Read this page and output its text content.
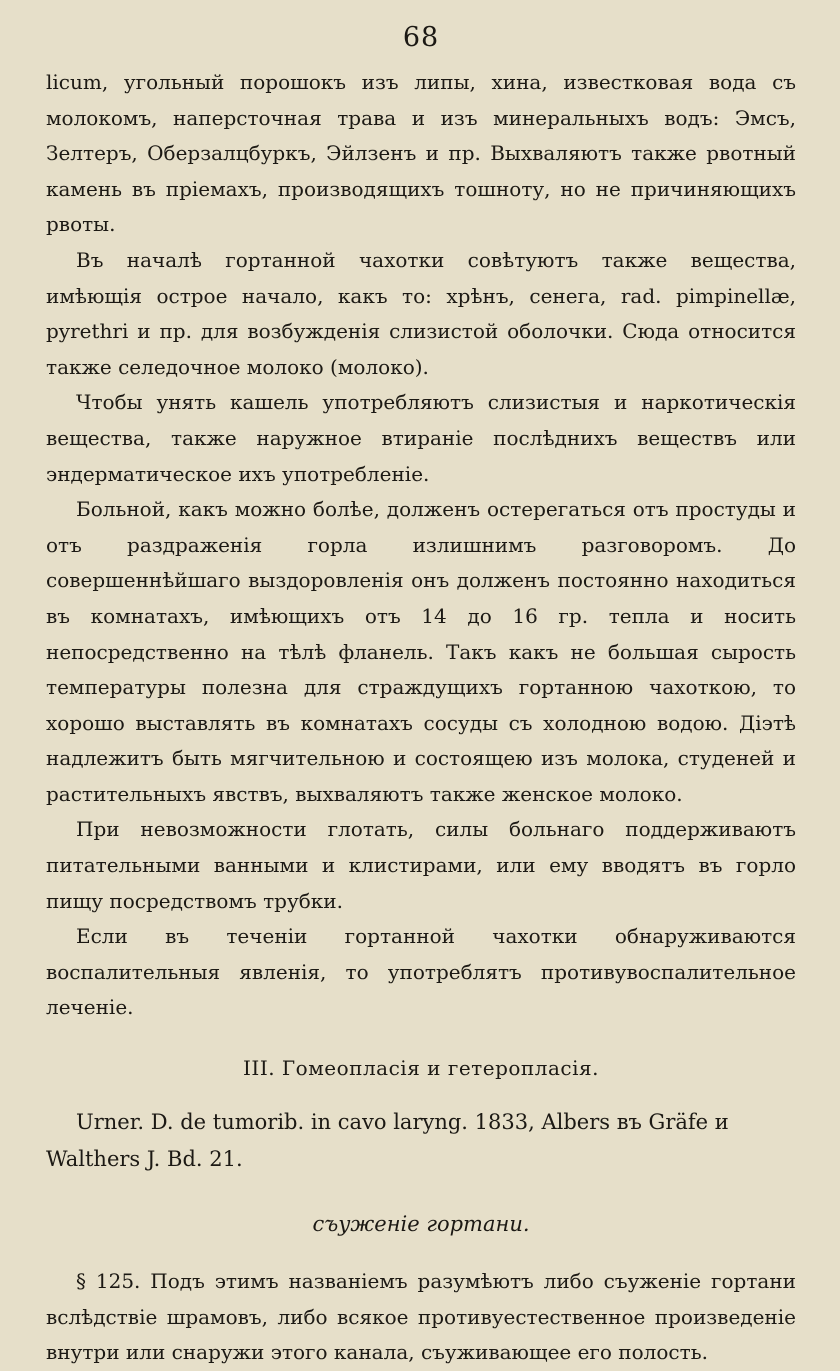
68

licum, угольный порошокъ изъ липы, хина, известковая вода съ молокомъ, наперсточная трава и изъ минеральныхъ водъ: Эмсъ, Зелтеръ, Оберзалцбуркъ, Эйлзенъ и пр. Выхваляютъ также рвотный камень въ пріемахъ, производящихъ тошноту, но не причиняющихъ рвоты.

Въ началѣ гортанной чахотки совѣтуютъ также вещества, имѣющія острое начало, какъ то: хрѣнъ, сенега, rad. pimpinellæ, pyrethri и пр. для возбужденія слизистой оболочки. Сюда относится также селедочное молоко (молоко).

Чтобы унять кашель употребляютъ слизистыя и наркотическія вещества, также наружное втираніе послѣднихъ веществъ или эндерматическое ихъ употребленіе.

Больной, какъ можно болѣе, долженъ остерегаться отъ простуды и отъ раздраженія горла излишнимъ разговоромъ. До совершеннѣйшаго выздоровленія онъ долженъ постоянно находиться въ комнатахъ, имѣющихъ отъ 14 до 16 гр. тепла и носить непосредственно на тѣлѣ фланель. Такъ какъ не большая сырость температуры полезна для страждущихъ гортанною чахоткою, то хорошо выставлять въ комнатахъ сосуды съ холодною водою. Діэтѣ надлежитъ быть мягчительною и состоящею изъ молока, студеней и растительныхъ явствъ, выхваляютъ также женское молоко.

При невозможности глотать, силы больнаго поддерживаютъ питательными ванными и клистирами, или ему вводятъ въ горло пищу посредствомъ трубки.

Если въ теченіи гортанной чахотки обнаруживаются воспалительныя явленія, то употреблятъ противувоспалительное леченіе.

III. Гомеопласія и гетеропласія.

Urner. D. de tumorib. in cavo laryng. 1833, Albers въ Gräfe и Walthers J. Bd. 21.

съуженіе гортани.

§ 125. Подъ этимъ названіемъ разумѣютъ либо съуженіе гортани вслѣдствіе шрамовъ, либо всякое противуестественное произведеніе внутри или снаружи этого канала, съуживающее его полость.
